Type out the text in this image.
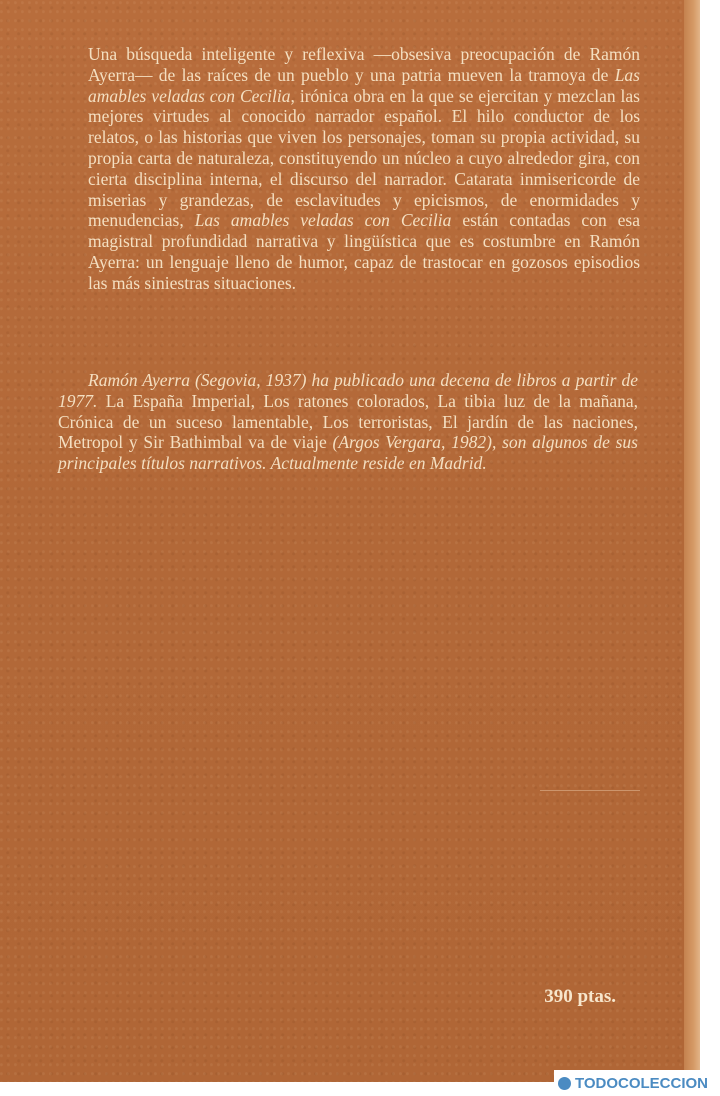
Una búsqueda inteligente y reflexiva —obsesiva preocupación de Ramón Ayerra— de las raíces de un pueblo y una patria mueven la tramoya de Las amables veladas con Cecilia, irónica obra en la que se ejercitan y mezclan las mejores virtudes al conocido narrador español. El hilo conductor de los relatos, o las historias que viven los personajes, toman su propia actividad, su propia carta de naturaleza, constituyendo un núcleo a cuyo alrededor gira, con cierta disciplina interna, el discurso del narrador. Catarata inmisericorde de miserias y grandezas, de esclavitudes y epicismos, de enormidades y menudencias, Las amables veladas con Cecilia están contadas con esa magistral profundidad narrativa y lingüística que es costumbre en Ramón Ayerra: un lenguaje lleno de humor, capaz de trastocar en gozosos episodios las más siniestras situaciones.

Ramón Ayerra (Segovia, 1937) ha publicado una decena de libros a partir de 1977. La España Imperial, Los ratones colorados, La tibia luz de la mañana, Crónica de un suceso lamentable, Los terroristas, El jardín de las naciones, Metropol y Sir Bathimbal va de viaje (Argos Vergara, 1982), son algunos de sus principales títulos narrativos. Actualmente reside en Madrid.

390 ptas.
TODOCOLECCION
